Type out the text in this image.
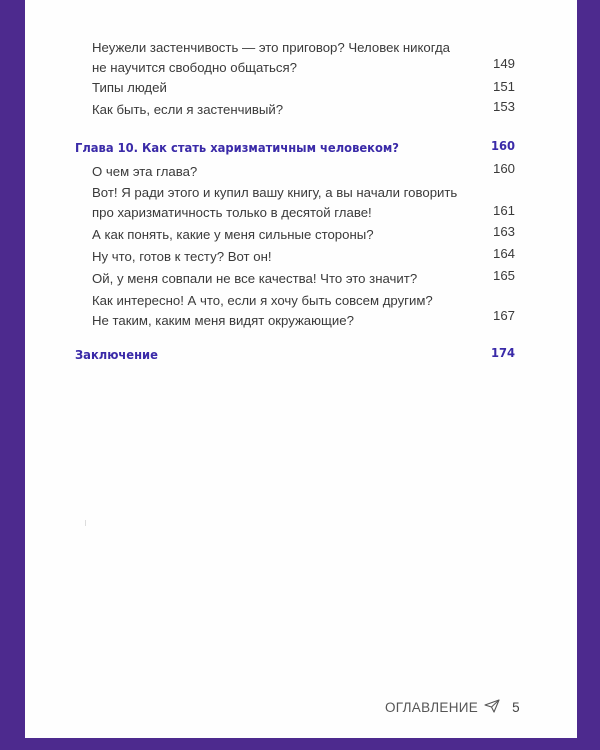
Неужели застенчивость — это приговор? Человек никогда
не научится свободно общаться?	149
Типы людей	151
Как быть, если я застенчивый?	153
Глава 10. Как стать харизматичным человеком?	160
О чем эта глава?	160
Вот! Я ради этого и купил вашу книгу, а вы начали говорить
про харизматичность только в десятой главе!	161
А как понять, какие у меня сильные стороны?	163
Ну что, готов к тесту? Вот он!	164
Ой, у меня совпали не все качества! Что это значит?	165
Как интересно! А что, если я хочу быть совсем другим?
Не таким, каким меня видят окружающие?	167
Заключение	174
ОГЛАВЛЕНИЕ	5
